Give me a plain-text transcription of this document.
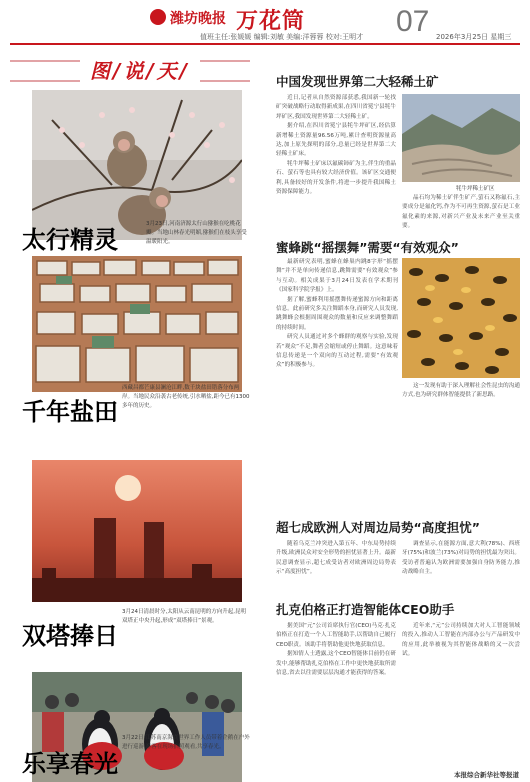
潍坊晚报 万花筒	07
值班主任:张媛媛 编辑:刘敏 美编:洋蓉蓉 校对:王明才	2026年3月25日 星期三
图/说/天/
3月23日,河南济源太行山猕猴在吃桃花瓣。当地山林春光明媚,猕猴们在枝头享受温暖阳光。
太行精灵
西藏昌都芒康县澜沧江畔,数千块盐田错落分布两岸。当地民众沿袭古老传统,引水晒盐,距今已有1300多年的历史。
千年盐田
3月24日清晨时分,太阳从云南昆明的方向升起,昆明双塔正中央升起,形成“双塔捧日”景观。
双塔捧日
3月22日,江苏南京海底世界工作人员带着企鹅在户外进行巡游,游客在现场拍照观看,共享春光。
乐享春光
中国发现世界第二大轻稀土矿

近日,记者从自然资源部获悉,我国新一轮找矿突破战略行动取得新成果,在四川省冕宁县牦牛坪矿区,我国发现世界第二大轻稀土矿。

据介绍,在四川省冕宁县牦牛坪矿区,经估算新增稀土资源量96.56万吨,累计查明资源量高达,加上原先探明的部分,总量已经是世界第二大轻稀土矿床。

牦牛坪稀土矿床以氟碳铈矿为主,伴生的重晶石、萤石等也具有较大经济价值。该矿区交通便利,具备较好的开发条件,将进一步提升我国稀土资源保障能力。

牦牛坪稀土矿区

晶石均为稀土矿伴生矿产,萤石又称氟石,主要成分是氟化钙,作为不可再生资源,萤石是工业氟化素的来源,对新兴产业及未来产业至关重要。

蜜蜂跳“摇摆舞”需要“有效观众”

最新研究表明,蜜蜂在蜂巢内跳8字形“摇摆舞”并不是单向传递信息,跳舞需要“有效观众”参与互动。相关成果于3月24日发表在学术期刊《国家科学院学报》上。

据了解,蜜蜂利用摇摆舞传递蜜源方向和距离信息。此前研究多关注舞蹈本身,而研究人员发现,跳舞蜂会根据周围观众的数量和反应来调整舞蹈的持续时间。

研究人员通过对多个蜂群的观察与实验,发现若“观众”不足,舞者会缩短或停止舞蹈。这意味着信息传递是一个双向的互动过程,需要“有效观众”的积极参与。

这一发现有助于深入理解社会性昆虫的沟通方式,也为研究群体智能提供了新思路。

超七成欧洲人对周边局势“高度担忧”

随着乌克兰冲突进入第五年、中东局势持续升级,欧洲民众对安全形势的担忧显著上升。最新民意调查显示,超七成受访者对欧洲周边局势表示“高度担忧”。

调查显示,在能源方面,意大利(78%)、西班牙(75%)和波兰(73%)对局势的担忧最为突出。受访者普遍认为欧洲需要加强自身防务能力,推动战略自主。

扎克伯格正打造智能体CEO助手

据美国“元”公司首席执行官(CEO)马克·扎克伯格正在打造一个人工智能助手,以帮助自己履行CEO职责。该助手将帮助他更快地获取信息。

据知情人士透露,这个CEO智能体目前仍在研发中,能够帮助扎克伯格在工作中更快地获取所需信息,省去以往需要层层沟通才能获得的答案。

近年来,“元”公司持续加大对人工智能领域的投入,推动人工智能在内部办公与产品研发中的应用,此举被视为其智能体战略的又一次尝试。

本报综合新华社等报道
